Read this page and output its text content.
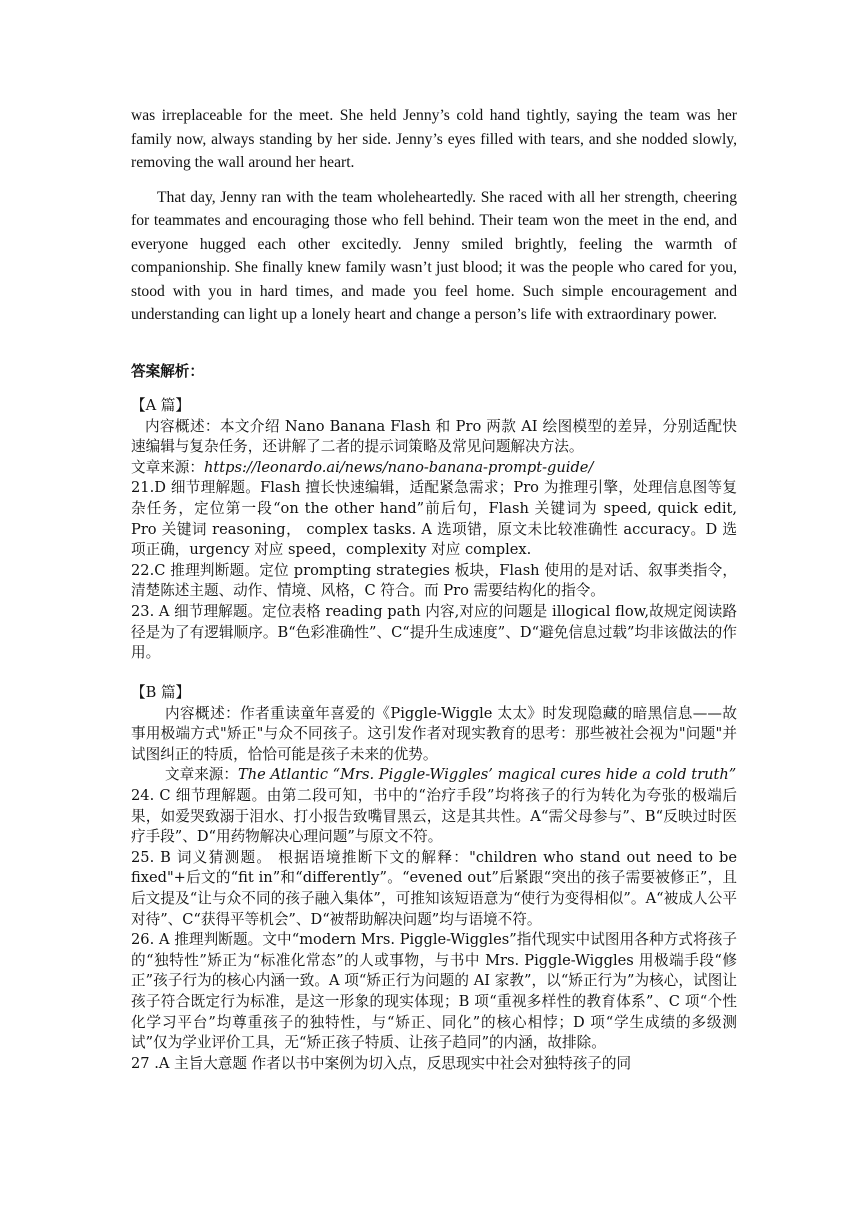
was irreplaceable for the meet. She held Jenny’s cold hand tightly, saying the team was her family now, always standing by her side. Jenny’s eyes filled with tears, and she nodded slowly, removing the wall around her heart.

That day, Jenny ran with the team wholeheartedly. She raced with all her strength, cheering for teammates and encouraging those who fell behind. Their team won the meet in the end, and everyone hugged each other excitedly. Jenny smiled brightly, feeling the warmth of companionship. She finally knew family wasn’t just blood; it was the people who cared for you, stood with you in hard times, and made you feel home. Such simple encouragement and understanding can light up a lonely heart and change a person’s life with extraordinary power.

答案解析：

【A 篇】

内容概述：本文介绍 Nano Banana Flash 和 Pro 两款 AI 绘图模型的差异，分别适配快速编辑与复杂任务，还讲解了二者的提示词策略及常见问题解决方法。

文章来源：https://leonardo.ai/news/nano-banana-prompt-guide/

21.D 细节理解题。Flash 擅长快速编辑，适配紧急需求；Pro 为推理引擎，处理信息图等复杂任务，定位第一段“on the other hand”前后句，Flash 关键词为 speed, quick edit, Pro 关键词 reasoning， complex tasks. A 选项错，原文未比较准确性 accuracy。D 选项正确，urgency 对应 speed，complexity 对应 complex.

22.C 推理判断题。定位 prompting strategies 板块，Flash 使用的是对话、叙事类指令，清楚陈述主题、动作、情境、风格，C 符合。而 Pro 需要结构化的指令。

23. A 细节理解题。定位表格 reading path 内容,对应的问题是 illogical flow,故规定阅读路径是为了有逻辑顺序。B“色彩准确性”、C“提升生成速度”、D“避免信息过载”均非该做法的作用。

【B 篇】

内容概述：作者重读童年喜爱的《Piggle-Wiggle 太太》时发现隐藏的暗黑信息——故事用极端方式"矫正"与众不同孩子。这引发作者对现实教育的思考：那些被社会视为"问题"并试图纠正的特质，恰恰可能是孩子未来的优势。

文章来源：The Atlantic “Mrs. Piggle-Wiggles’ magical cures hide a cold truth”

24. C 细节理解题。由第二段可知，书中的“治疗手段”均将孩子的行为转化为夸张的极端后果，如爱哭致溺于泪水、打小报告致嘴冒黑云，这是其共性。A“需父母参与”、B“反映过时医疗手段”、D“用药物解决心理问题”与原文不符。

25. B 词义猜测题。 根据语境推断下文的解释："children who stand out need to be fixed"+后文的“fit in”和“differently”。“evened out”后紧跟“突出的孩子需要被修正”，且后文提及“让与众不同的孩子融入集体”，可推知该短语意为“使行为变得相似”。A“被成人公平对待”、C“获得平等机会”、D“被帮助解决问题”均与语境不符。

26. A 推理判断题。文中“modern Mrs. Piggle-Wiggles”指代现实中试图用各种方式将孩子的“独特性”矫正为“标准化常态”的人或事物，与书中 Mrs. Piggle-Wiggles 用极端手段“修正”孩子行为的核心内涵一致。A 项“矫正行为问题的 AI 家教”，以“矫正行为”为核心，试图让孩子符合既定行为标准，是这一形象的现实体现；B 项“重视多样性的教育体系”、C 项“个性化学习平台”均尊重孩子的独特性，与“矫正、同化”的核心相悖；D 项“学生成绩的多级测试”仅为学业评价工具，无“矫正孩子特质、让孩子趋同”的内涵，故排除。

27 .A 主旨大意题 作者以书中案例为切入点，反思现实中社会对独特孩子的同
